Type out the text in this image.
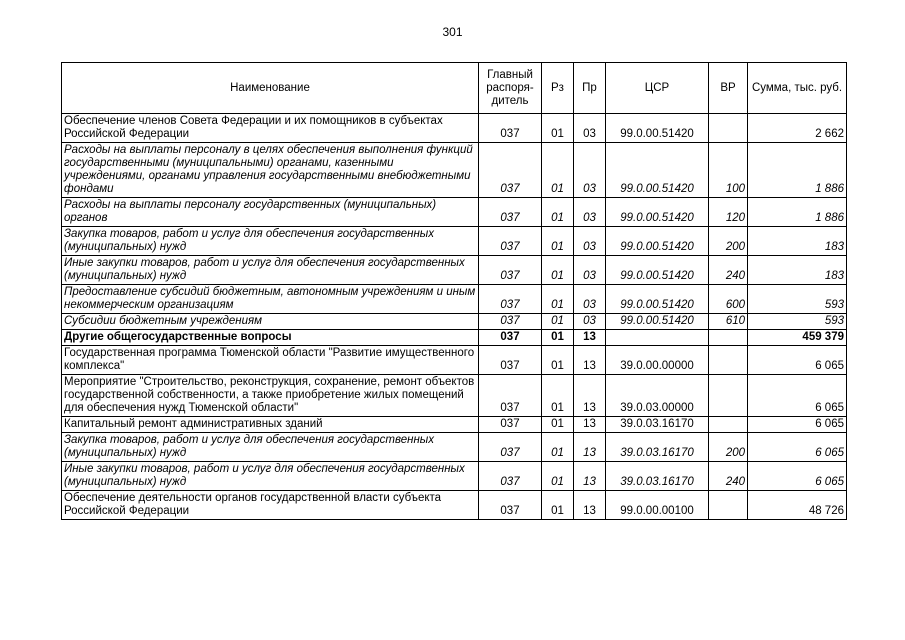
301
Наименование	Главный распоря-дитель	Рз	Пр	ЦСР	ВР	Сумма, тыс. руб.
Обеспечение членов Совета Федерации и их помощников в субъектах Российской Федерации	037	01	03	99.0.00.51420		2 662
Расходы на выплаты персоналу в целях обеспечения выполнения функций государственными (муниципальными) органами, казенными учреждениями, органами управления государственными внебюджетными фондами	037	01	03	99.0.00.51420	100	1 886
Расходы на выплаты персоналу государственных (муниципальных) органов	037	01	03	99.0.00.51420	120	1 886
Закупка товаров, работ и услуг для обеспечения государственных (муниципальных) нужд	037	01	03	99.0.00.51420	200	183
Иные закупки товаров, работ и услуг для обеспечения государственных (муниципальных) нужд	037	01	03	99.0.00.51420	240	183
Предоставление субсидий бюджетным, автономным учреждениям и иным некоммерческим организациям	037	01	03	99.0.00.51420	600	593
Субсидии бюджетным учреждениям	037	01	03	99.0.00.51420	610	593
Другие общегосударственные вопросы	037	01	13			459 379
Государственная программа Тюменской области "Развитие имущественного комплекса"	037	01	13	39.0.00.00000		6 065
Мероприятие "Строительство, реконструкция, сохранение, ремонт объектов государственной собственности, а также приобретение жилых помещений для обеспечения нужд Тюменской области"	037	01	13	39.0.03.00000		6 065
Капитальный ремонт административных зданий	037	01	13	39.0.03.16170		6 065
Закупка товаров, работ и услуг для обеспечения государственных (муниципальных) нужд	037	01	13	39.0.03.16170	200	6 065
Иные закупки товаров, работ и услуг для обеспечения государственных (муниципальных) нужд	037	01	13	39.0.03.16170	240	6 065
Обеспечение деятельности органов государственной власти субъекта Российской Федерации	037	01	13	99.0.00.00100		48 726
